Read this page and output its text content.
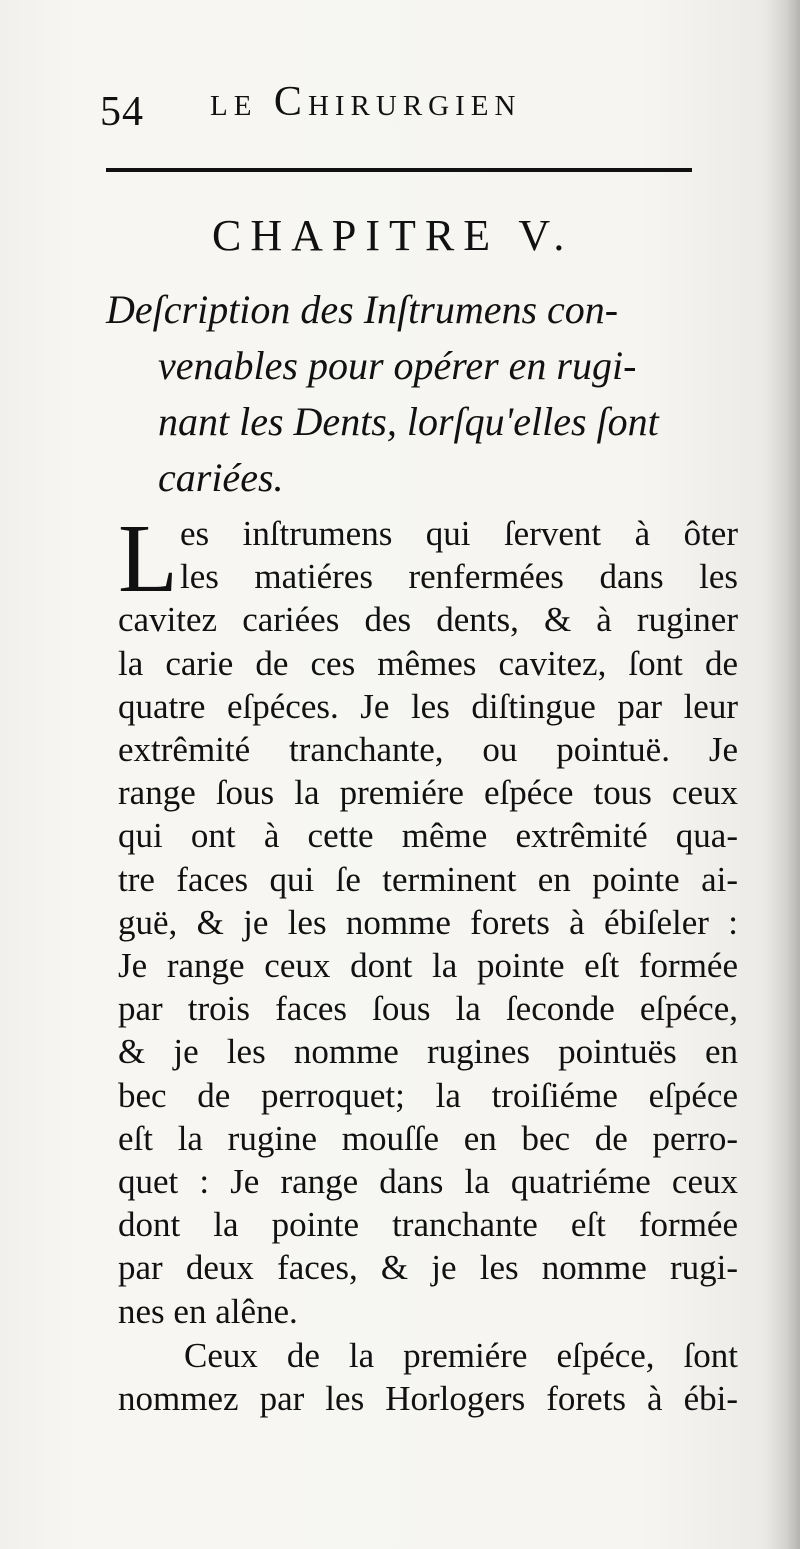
54 le Chirurgien
CHAPITRE V.
Deſcription des Inſtrumens con-
venables pour opérer en rugi-
nant les Dents, lorſqu'elles ſont
cariées.
L es inſtrumens qui ſervent à ôter
les matiéres renfermées dans les
cavitez cariées des dents, & à ruginer
la carie de ces mêmes cavitez, ſont de
quatre eſpéces. Je les diſtingue par leur
extrêmité tranchante, ou pointuë. Je
range ſous la premiére eſpéce tous ceux
qui ont à cette même extrêmité qua-
tre faces qui ſe terminent en pointe ai-
guë, & je les nomme forets à ébiſeler :
Je range ceux dont la pointe eſt formée
par trois faces ſous la ſeconde eſpéce,
& je les nomme rugines pointuës en
bec de perroquet; la troiſiéme eſpéce
eſt la rugine mouſſe en bec de perro-
quet : Je range dans la quatriéme ceux
dont la pointe tranchante eſt formée
par deux faces, & je les nomme rugi-
nes en alêne.
Ceux de la premiére eſpéce, ſont
nommez par les Horlogers forets à ébi-
